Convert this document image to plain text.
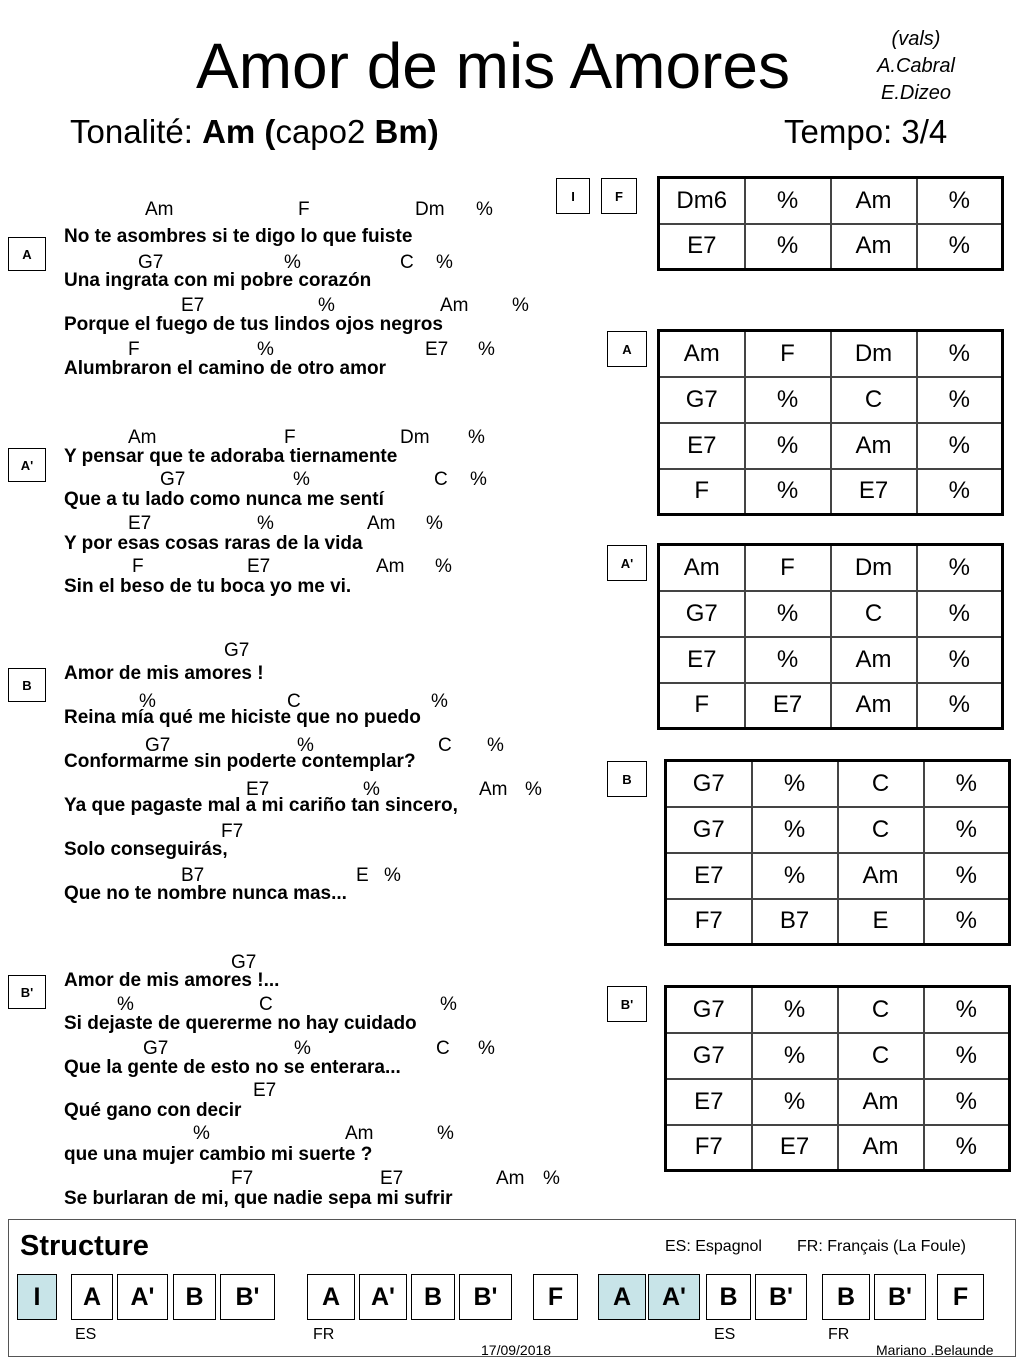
Amor de mis Amores	(vals)
A.Cabral
E.Dizeo
Tonalité: Am (capo2 Bm)	Tempo: 3/4
A
Am	F	Dm %
No te asombres si te digo lo que fuiste
G7	%	C %
Una ingrata con mi pobre corazón
E7	%	Am %
Porque el fuego de tus lindos ojos negros
F	%	E7 %
Alumbraron el camino de otro amor
A'
Am	F	Dm %
Y pensar que te adoraba tiernamente
G7	%	C %
Que a tu lado como nunca me sentí
E7	%	Am %
Y por esas cosas raras de la vida
F	E7	Am %
Sin el beso de tu boca yo me vi.
B
G7
Amor de mis amores !
%	C	%
Reina mía qué me hiciste que no puedo
G7	%	C %
Conformarme sin poderte contemplar?
E7	%	Am %
Ya que pagaste mal a mi cariño tan sincero,
F7
Solo conseguirás,
B7	E %
Que no te nombre nunca mas...
B'
G7
Amor de mis amores !...
%	C	%
Si dejaste de quererme no hay cuidado
G7	%	C %
Que la gente de esto no se enterara...
E7
Qué gano con decir
%	Am	%
que una mujer cambio mi suerte ?
F7	E7	Am %
Se burlaran de mi, que nadie sepa mi sufrir
I	F	Dm6	%	Am	%
E7	%	Am	%
A	Am	F	Dm	%
G7	%	C	%
E7	%	Am	%
F	%	E7	%
A'	Am	F	Dm	%
G7	%	C	%
E7	%	Am	%
F	E7	Am	%
B	G7	%	C	%
G7	%	C	%
E7	%	Am	%
F7	B7	E	%
B'	G7	%	C	%
G7	%	C	%
E7	%	Am	%
F7	E7	Am	%
Structure	ES: Espagnol FR: Français (La Foule)
I	A	A'	B	B'	A	A'	B	B'	F	A	A'	B	B'	B	B'	F
ES	FR	ES	FR
17/09/2018	Mariano .Belaunde
